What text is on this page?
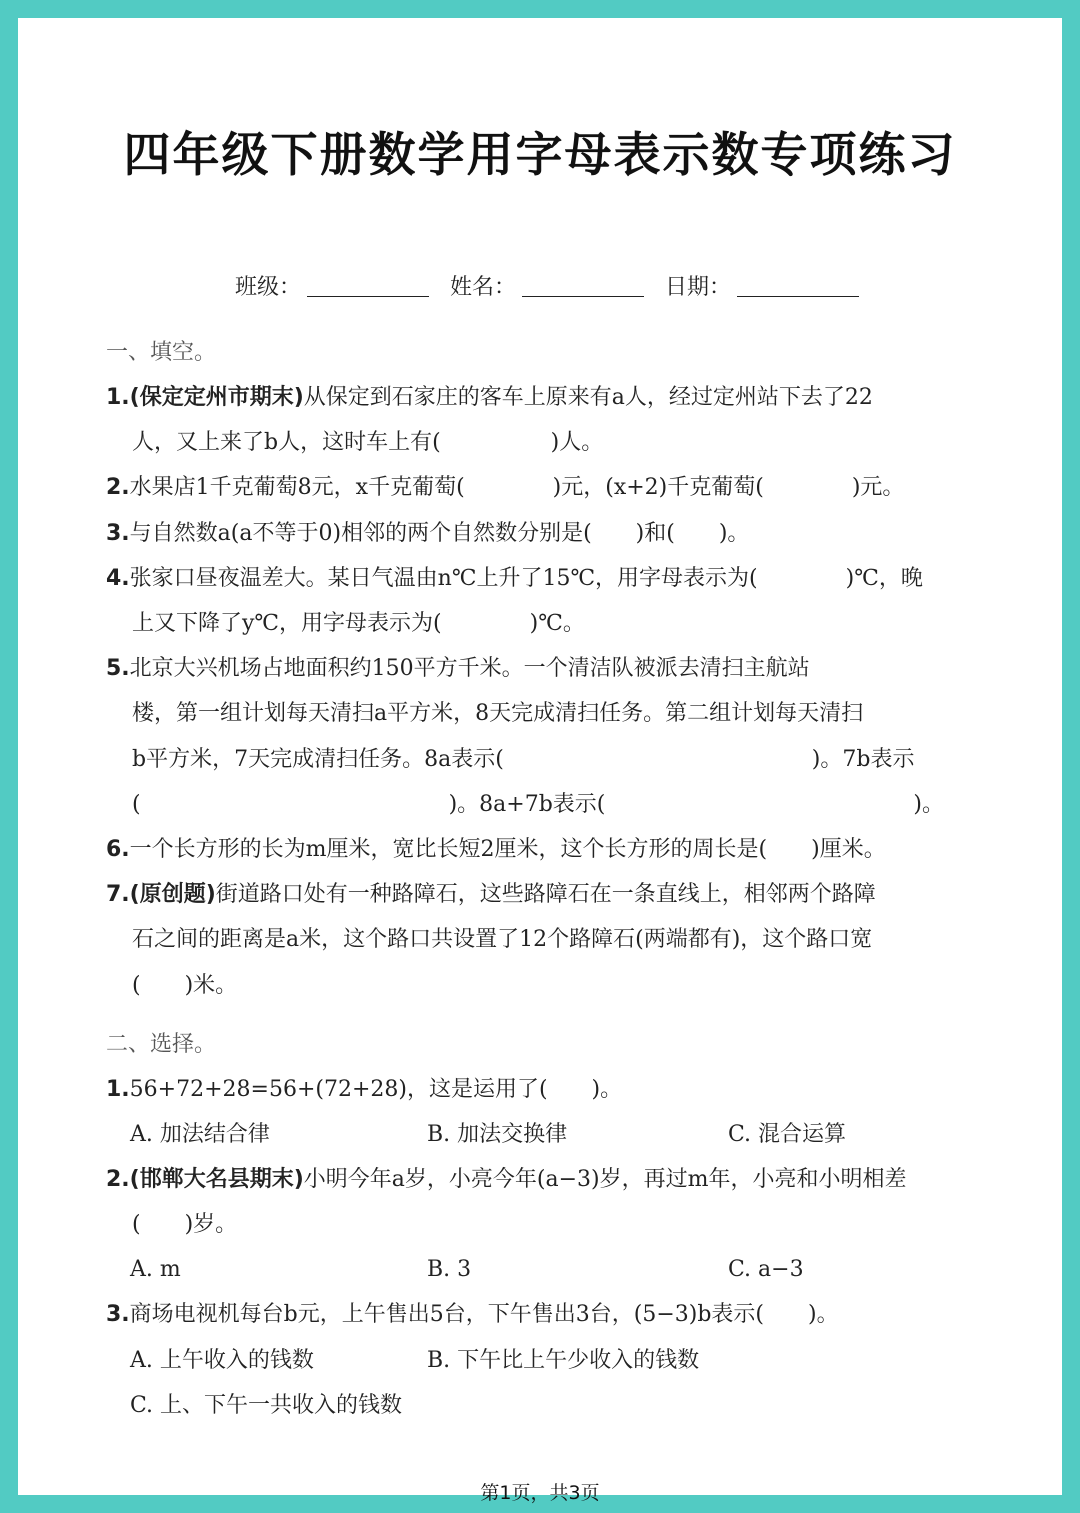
四年级下册数学用字母表示数专项练习
班级：	姓名：	日期：
一、填空。
1.(保定定州市期末)从保定到石家庄的客车上原来有a人，经过定州站下去了22
人，又上来了b人，这时车上有(　　　　　)人。
2.水果店1千克葡萄8元，x千克葡萄(　　　　)元，(x+2)千克葡萄(　　　　)元。
3.与自然数a(a不等于0)相邻的两个自然数分别是(　　)和(　　)。
4.张家口昼夜温差大。某日气温由n℃上升了15℃，用字母表示为(　　　　)℃，晚
上又下降了y℃，用字母表示为(　　　　)℃。
5.北京大兴机场占地面积约150平方千米。一个清洁队被派去清扫主航站
楼，第一组计划每天清扫a平方米，8天完成清扫任务。第二组计划每天清扫
b平方米，7天完成清扫任务。8a表示(　　　　　　　　　　　　　　)。7b表示
(　　　　　　　　　　　　　　)。8a+7b表示(　　　　　　　　　　　　　　)。
6.一个长方形的长为m厘米，宽比长短2厘米，这个长方形的周长是(　　)厘米。
7.(原创题)街道路口处有一种路障石，这些路障石在一条直线上，相邻两个路障
石之间的距离是a米，这个路口共设置了12个路障石(两端都有)，这个路口宽
(　　)米。
二、选择。
1.56+72+28=56+(72+28)，这是运用了(　　)。
A. 加法结合律	B. 加法交换律	C. 混合运算
2.(邯郸大名县期末)小明今年a岁，小亮今年(a−3)岁，再过m年，小亮和小明相差
(　　)岁。
A. m	B. 3	C. a−3
3.商场电视机每台b元，上午售出5台，下午售出3台，(5−3)b表示(　　)。
A. 上午收入的钱数	B. 下午比上午少收入的钱数
C. 上、下午一共收入的钱数
第1页，共3页
